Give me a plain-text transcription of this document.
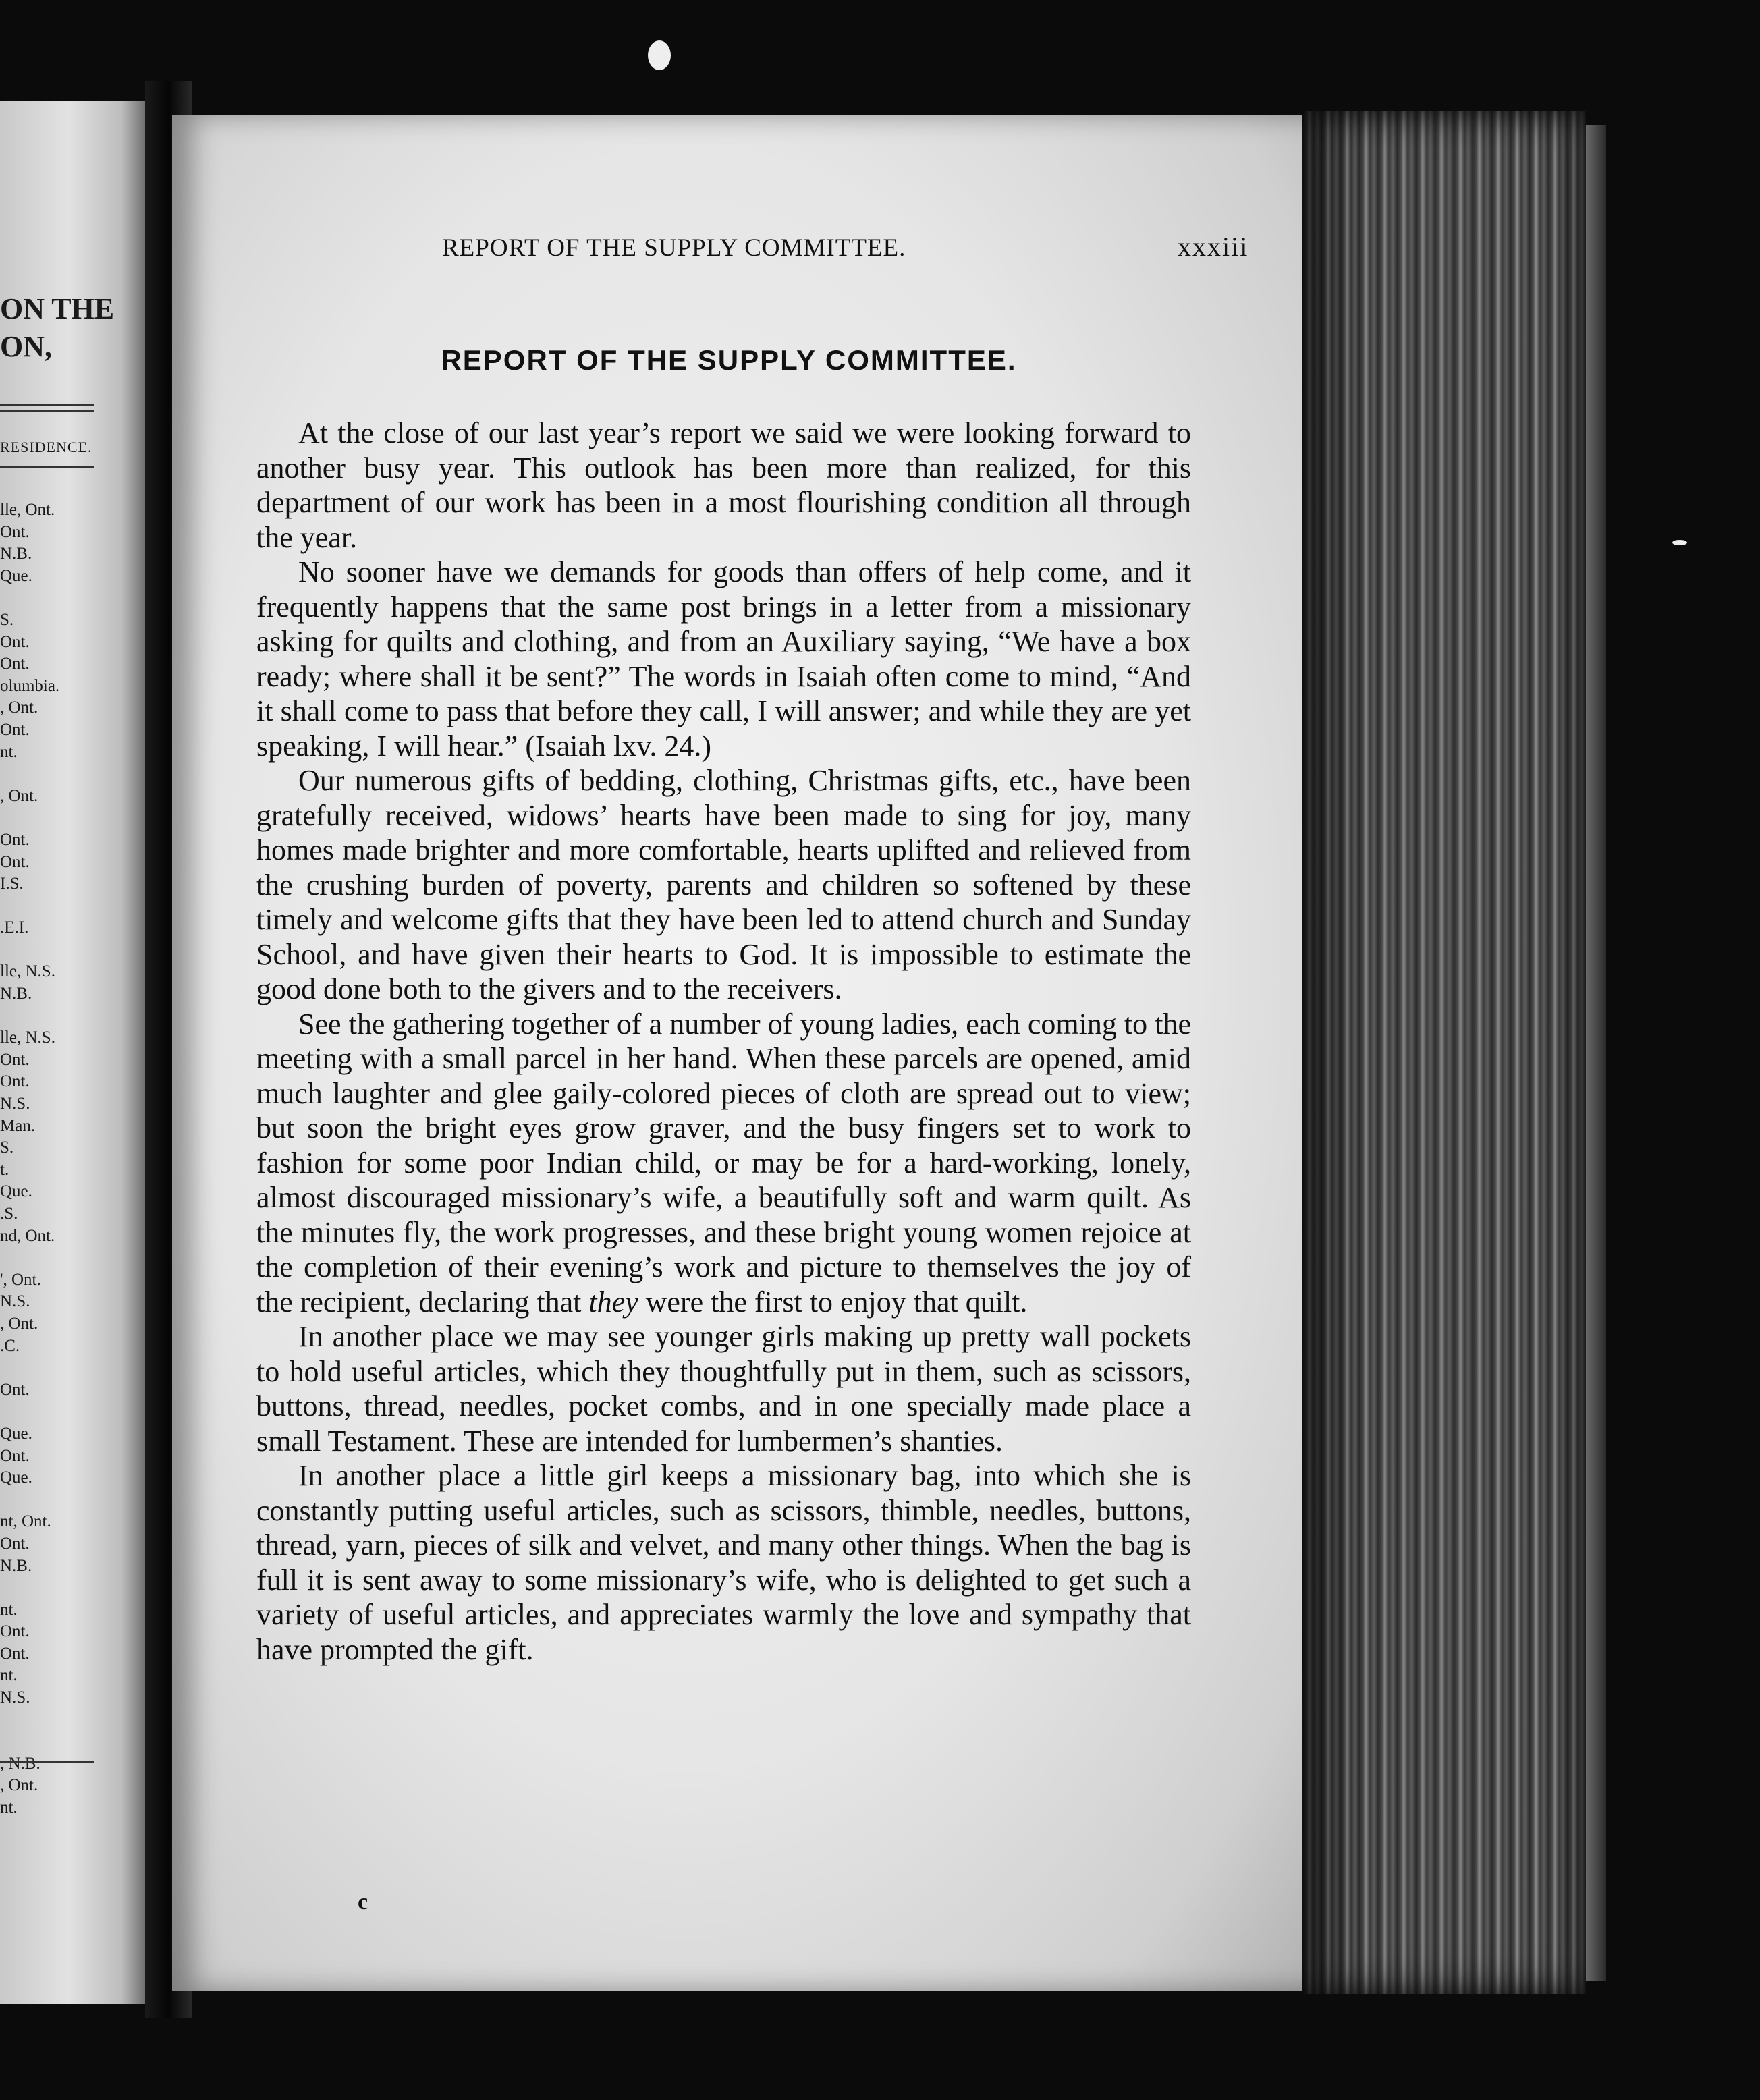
ON THE
ON,
RESIDENCE.
lle, Ont.
Ont.
N.B.
Que.
S.
Ont.
Ont.
olumbia.
, Ont.
Ont.
nt.
, Ont.
Ont.
Ont.
I.S.
.E.I.
lle, N.S.
N.B.
lle, N.S.
Ont.
Ont.
N.S.
Man.
S.
t.
Que.
.S.
nd, Ont.
', Ont.
N.S.
, Ont.
.C.
Ont.
Que.
Ont.
Que.
nt, Ont.
Ont.
N.B.
nt.
Ont.
Ont.
nt.
N.S.
, N.B.
, Ont.
nt.
REPORT OF THE SUPPLY COMMITTEE.	xxxiii
REPORT OF THE SUPPLY COMMITTEE.

At the close of our last year’s report we said we were looking forward to another busy year. This outlook has been more than realized, for this department of our work has been in a most flourishing condition all through the year.

No sooner have we demands for goods than offers of help come, and it frequently happens that the same post brings in a letter from a missionary asking for quilts and clothing, and from an Auxiliary saying, “We have a box ready; where shall it be sent?” The words in Isaiah often come to mind, “And it shall come to pass that before they call, I will answer; and while they are yet speaking, I will hear.” (Isaiah lxv. 24.)

Our numerous gifts of bedding, clothing, Christmas gifts, etc., have been gratefully received, widows’ hearts have been made to sing for joy, many homes made brighter and more comfortable, hearts uplifted and relieved from the crushing burden of poverty, parents and children so softened by these timely and welcome gifts that they have been led to attend church and Sunday School, and have given their hearts to God. It is impossible to estimate the good done both to the givers and to the receivers.

See the gathering together of a number of young ladies, each coming to the meeting with a small parcel in her hand. When these parcels are opened, amid much laughter and glee gaily-colored pieces of cloth are spread out to view; but soon the bright eyes grow graver, and the busy fingers set to work to fashion for some poor Indian child, or may be for a hard-working, lonely, almost discouraged missionary’s wife, a beautifully soft and warm quilt. As the minutes fly, the work progresses, and these bright young women rejoice at the completion of their evening’s work and picture to themselves the joy of the recipient, declaring that they were the first to enjoy that quilt.

In another place we may see younger girls making up pretty wall pockets to hold useful articles, which they thoughtfully put in them, such as scissors, buttons, thread, needles, pocket combs, and in one specially made place a small Testament. These are intended for lumbermen’s shanties.

In another place a little girl keeps a missionary bag, into which she is constantly putting useful articles, such as scissors, thimble, needles, buttons, thread, yarn, pieces of silk and velvet, and many other things. When the bag is full it is sent away to some missionary’s wife, who is delighted to get such a variety of useful articles, and appreciates warmly the love and sympathy that have prompted the gift.

c
